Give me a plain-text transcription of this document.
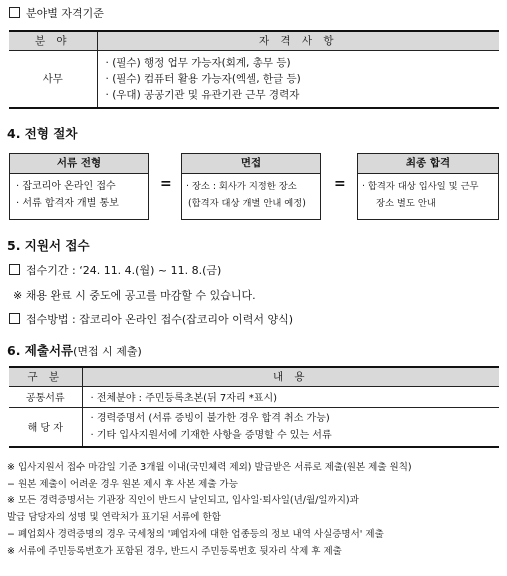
분야별 자격기준
분 야	자 격 사 항
사무	· (필수) 행정 업무 가능자(회계, 총무 등)
· (필수) 컴퓨터 활용 가능자(엑셀, 한글 등)
· (우대) 공공기관 및 유관기관 근무 경력자
4. 전형 절차
서류 전형
· 잡코리아 온라인 접수
· 서류 합격자 개별 통보
=
면접
· 장소 : 회사가 지정한 장소
(합격자 대상 개별 안내 예정)
=
최종 합격
· 합격자 대상 입사일 및 근무
장소 별도 안내
5. 지원서 접수
접수기간 : ‘24. 11. 4.(월) ~ 11. 8.(금)
※ 채용 완료 시 중도에 공고를 마감할 수 있습니다.
접수방법 : 잡코리아 온라인 접수(잡코리아 이력서 양식)
6. 제출서류(면접 시 제출)
구 분	내 용
공통서류	· 전체분야 : 주민등록초본(뒤 7자리 *표시)

해 당 자	· 경력증명서 (서류 증빙이 불가한 경우 합격 취소 가능)
· 기타 입사지원서에 기재한 사항을 증명할 수 있는 서류
※ 입사지원서 접수 마감일 기준 3개월 이내(국민체력 제외) 발급받은 서류로 제출(원본 제출 원칙)
− 원본 제출이 어려운 경우 원본 제시 후 사본 제출 가능
※ 모든 경력증명서는 기관장 직인이 반드시 날인되고, 입사일·퇴사일(년/월/일까지)과
발급 담당자의 성명 및 연락처가 표기된 서류에 한함
− 폐업회사 경력증명의 경우 국세청의 '폐업자에 대한 업종등의 정보 내역 사실증명서' 제출
※ 서류에 주민등록번호가 포함된 경우, 반드시 주민등록번호 뒷자리 삭제 후 제출
